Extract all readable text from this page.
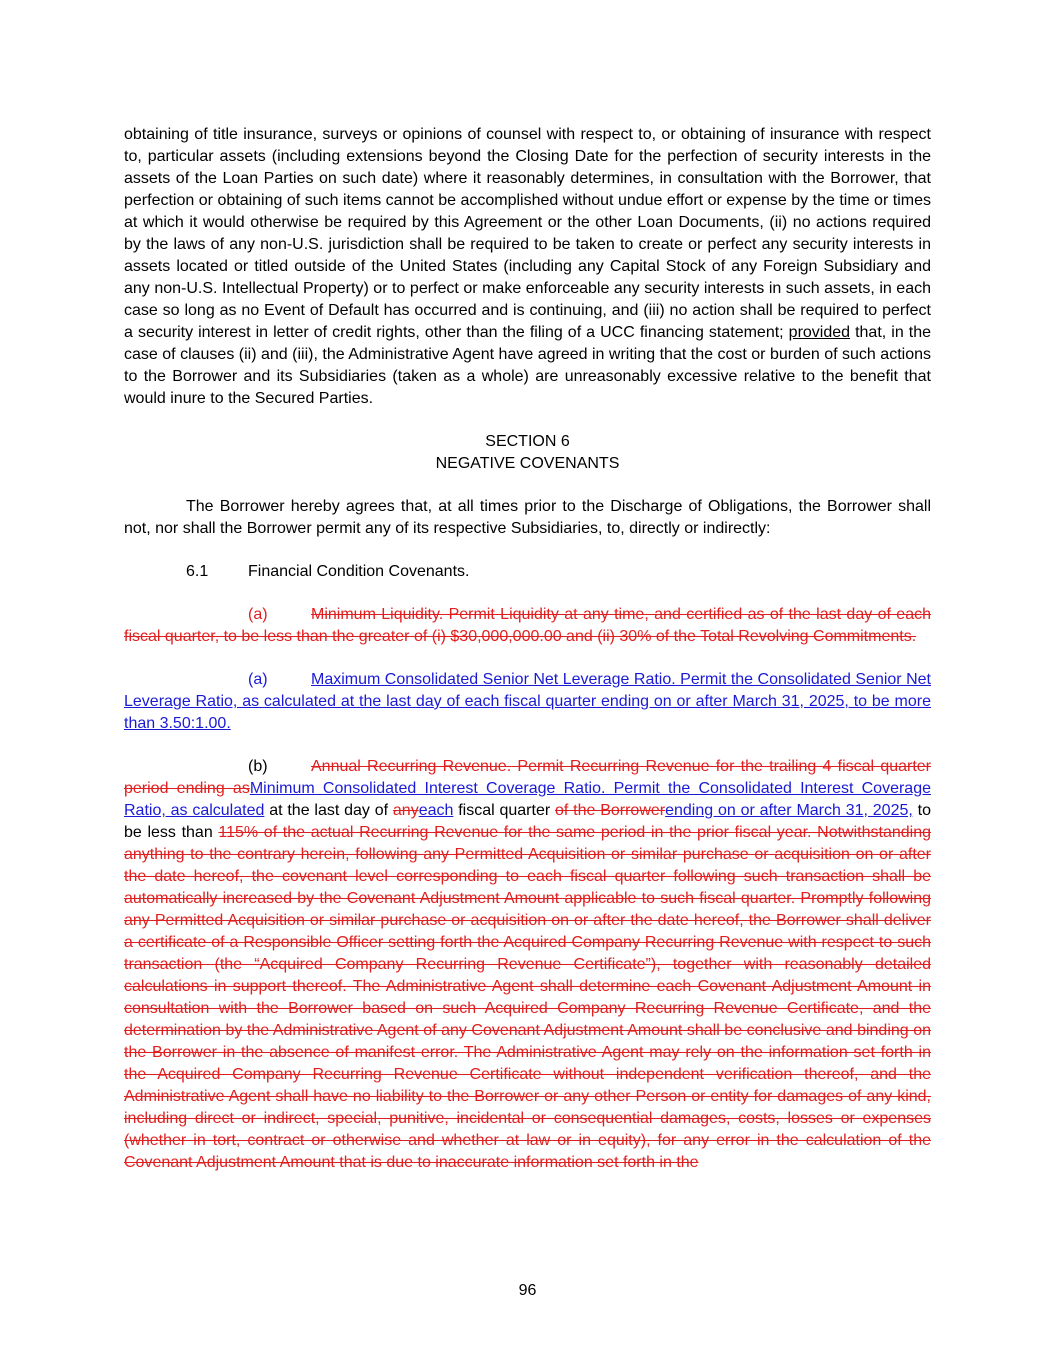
obtaining of title insurance, surveys or opinions of counsel with respect to, or obtaining of insurance with respect to, particular assets (including extensions beyond the Closing Date for the perfection of security interests in the assets of the Loan Parties on such date) where it reasonably determines, in consultation with the Borrower, that perfection or obtaining of such items cannot be accomplished without undue effort or expense by the time or times at which it would otherwise be required by this Agreement or the other Loan Documents, (ii) no actions required by the laws of any non-U.S. jurisdiction shall be required to be taken to create or perfect any security interests in assets located or titled outside of the United States (including any Capital Stock of any Foreign Subsidiary and any non-U.S. Intellectual Property) or to perfect or make enforceable any security interests in such assets, in each case so long as no Event of Default has occurred and is continuing, and (iii) no action shall be required to perfect a security interest in letter of credit rights, other than the filing of a UCC financing statement; provided that, in the case of clauses (ii) and (iii), the Administrative Agent have agreed in writing that the cost or burden of such actions to the Borrower and its Subsidiaries (taken as a whole) are unreasonably excessive relative to the benefit that would inure to the Secured Parties.

SECTION 6

NEGATIVE COVENANTS

The Borrower hereby agrees that, at all times prior to the Discharge of Obligations, the Borrower shall not, nor shall the Borrower permit any of its respective Subsidiaries, to, directly or indirectly:

6.1 Financial Condition Covenants.

(a)	Minimum Liquidity. Permit Liquidity at any time, and certified as of the last day of each fiscal quarter, to be less than the greater of (i) $30,000,000.00 and (ii) 30% of the Total Revolving Commitments.

(a)	Maximum Consolidated Senior Net Leverage Ratio. Permit the Consolidated Senior Net Leverage Ratio, as calculated at the last day of each fiscal quarter ending on or after March 31, 2025, to be more than 3.50:1.00.

(b)	Annual Recurring Revenue. Permit Recurring Revenue for the trailing 4 fiscal quarter period ending asMinimum Consolidated Interest Coverage Ratio. Permit the Consolidated Interest Coverage Ratio, as calculated at the last day of anyeach fiscal quarter of the Borrowerending on or after March 31, 2025, to be less than 115% of the actual Recurring Revenue for the same period in the prior fiscal year. Notwithstanding anything to the contrary herein, following any Permitted Acquisition or similar purchase or acquisition on or after the date hereof, the covenant level corresponding to each fiscal quarter following such transaction shall be automatically increased by the Covenant Adjustment Amount applicable to such fiscal quarter. Promptly following any Permitted Acquisition or similar purchase or acquisition on or after the date hereof, the Borrower shall deliver a certificate of a Responsible Officer setting forth the Acquired Company Recurring Revenue with respect to such transaction (the “Acquired Company Recurring Revenue Certificate”), together with reasonably detailed calculations in support thereof. The Administrative Agent shall determine each Covenant Adjustment Amount in consultation with the Borrower based on such Acquired Company Recurring Revenue Certificate, and the determination by the Administrative Agent of any Covenant Adjustment Amount shall be conclusive and binding on the Borrower in the absence of manifest error. The Administrative Agent may rely on the information set forth in the Acquired Company Recurring Revenue Certificate without independent verification thereof, and the Administrative Agent shall have no liability to the Borrower or any other Person or entity for damages of any kind, including direct or indirect, special, punitive, incidental or consequential damages, costs, losses or expenses (whether in tort, contract or otherwise and whether at law or in equity), for any error in the calculation of the Covenant Adjustment Amount that is due to inaccurate information set forth in the

96
